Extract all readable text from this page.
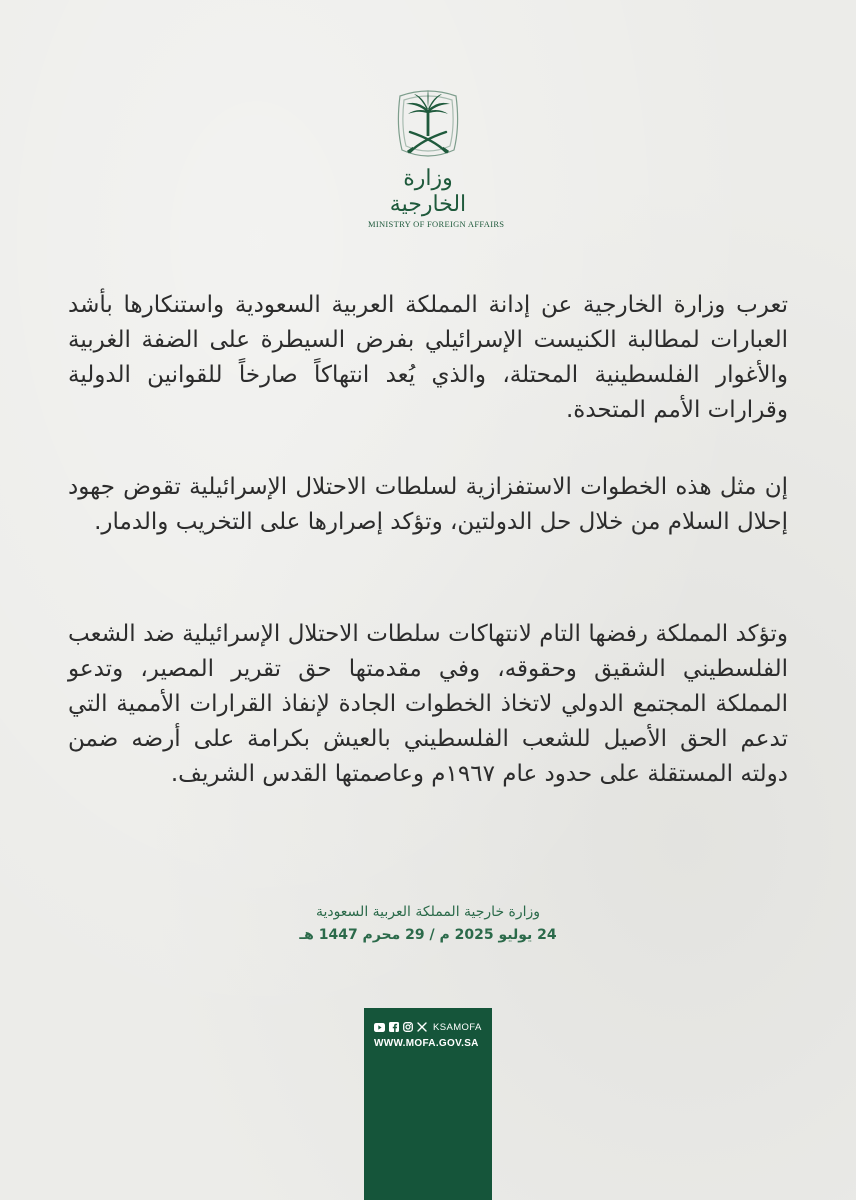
وزارة الخارجية
MINISTRY OF FOREIGN AFFAIRS

تعرب وزارة الخارجية عن إدانة المملكة العربية السعودية واستنكارها بأشد العبارات لمطالبة الكنيست الإسرائيلي بفرض السيطرة على الضفة الغربية والأغوار الفلسطينية المحتلة، والذي يُعد انتهاكاً صارخاً للقوانين الدولية وقرارات الأمم المتحدة.

إن مثل هذه الخطوات الاستفزازية لسلطات الاحتلال الإسرائيلية تقوض جهود إحلال السلام من خلال حل الدولتين، وتؤكد إصرارها على التخريب والدمار.

وتؤكد المملكة رفضها التام لانتهاكات سلطات الاحتلال الإسرائيلية ضد الشعب الفلسطيني الشقيق وحقوقه، وفي مقدمتها حق تقرير المصير، وتدعو المملكة المجتمع الدولي لاتخاذ الخطوات الجادة لإنفاذ القرارات الأممية التي تدعم الحق الأصيل للشعب الفلسطيني بالعيش بكرامة على أرضه ضمن دولته المستقلة على حدود عام ١٩٦٧م وعاصمتها القدس الشريف.

وزارة خارجية المملكة العربية السعودية
24 يوليو 2025 م / 29 محرم 1447 هـ
KSAMOFA
WWW.MOFA.GOV.SA
